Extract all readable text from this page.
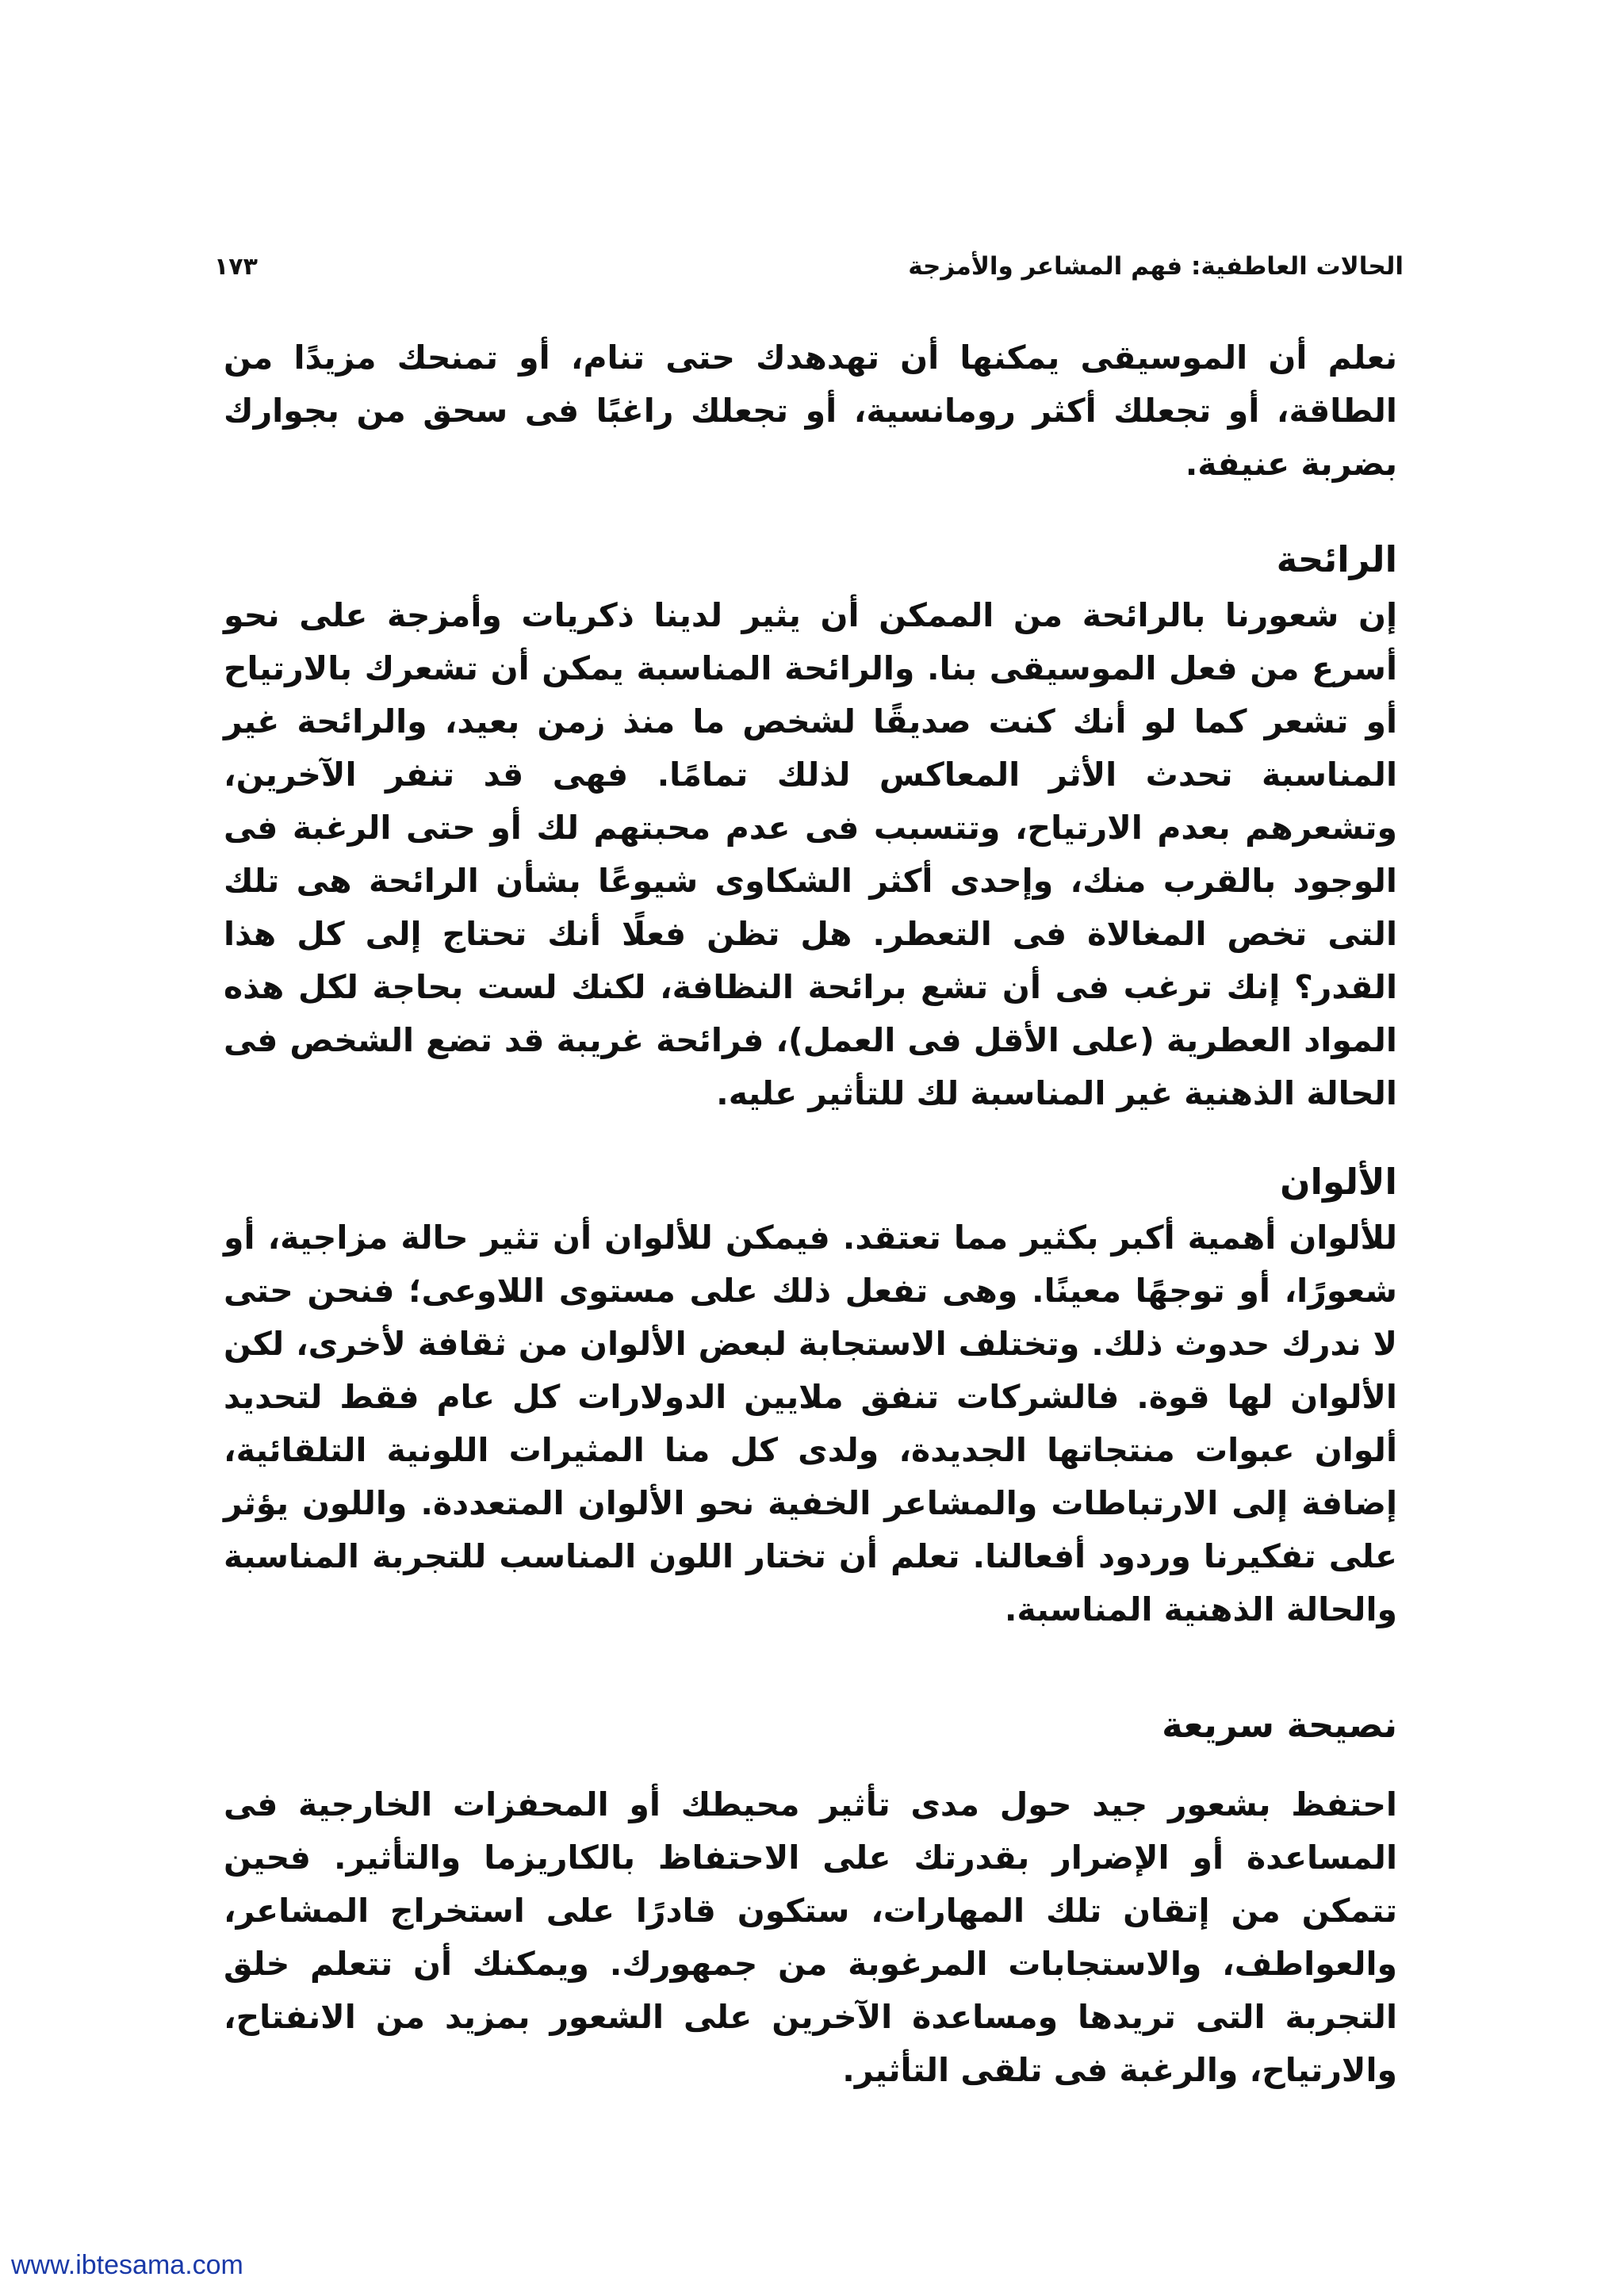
الحالات العاطفية: فهم المشاعر والأمزجة
١٧٣

نعلم أن الموسيقى يمكنها أن تهدهدك حتى تنام، أو تمنحك مزيدًا من الطاقة، أو تجعلك أكثر رومانسية، أو تجعلك راغبًا فى سحق من بجوارك بضربة عنيفة.

الرائحة

إن شعورنا بالرائحة من الممكن أن يثير لدينا ذكريات وأمزجة على نحو أسرع من فعل الموسيقى بنا. والرائحة المناسبة يمكن أن تشعرك بالارتياح أو تشعر كما لو أنك كنت صديقًا لشخص ما منذ زمن بعيد، والرائحة غير المناسبة تحدث الأثر المعاكس لذلك تمامًا. فهى قد تنفر الآخرين، وتشعرهم بعدم الارتياح، وتتسبب فى عدم محبتهم لك أو حتى الرغبة فى الوجود بالقرب منك، وإحدى أكثر الشكاوى شيوعًا بشأن الرائحة هى تلك التى تخص المغالاة فى التعطر. هل تظن فعلًا أنك تحتاج إلى كل هذا القدر؟ إنك ترغب فى أن تشع برائحة النظافة، لكنك لست بحاجة لكل هذه المواد العطرية (على الأقل فى العمل)، فرائحة غريبة قد تضع الشخص فى الحالة الذهنية غير المناسبة لك للتأثير عليه.

الألوان

للألوان أهمية أكبر بكثير مما تعتقد. فيمكن للألوان أن تثير حالة مزاجية، أو شعورًا، أو توجهًا معينًا. وهى تفعل ذلك على مستوى اللاوعى؛ فنحن حتى لا ندرك حدوث ذلك. وتختلف الاستجابة لبعض الألوان من ثقافة لأخرى، لكن الألوان لها قوة. فالشركات تنفق ملايين الدولارات كل عام فقط لتحديد ألوان عبوات منتجاتها الجديدة، ولدى كل منا المثيرات اللونية التلقائية، إضافة إلى الارتباطات والمشاعر الخفية نحو الألوان المتعددة. واللون يؤثر على تفكيرنا وردود أفعالنا. تعلم أن تختار اللون المناسب للتجربة المناسبة والحالة الذهنية المناسبة.

نصيحة سريعة

احتفظ بشعور جيد حول مدى تأثير محيطك أو المحفزات الخارجية فى المساعدة أو الإضرار بقدرتك على الاحتفاظ بالكاريزما والتأثير. فحين تتمكن من إتقان تلك المهارات، ستكون قادرًا على استخراج المشاعر، والعواطف، والاستجابات المرغوبة من جمهورك. ويمكنك أن تتعلم خلق التجربة التى تريدها ومساعدة الآخرين على الشعور بمزيد من الانفتاح، والارتياح، والرغبة فى تلقى التأثير.

www.ibtesama.com
